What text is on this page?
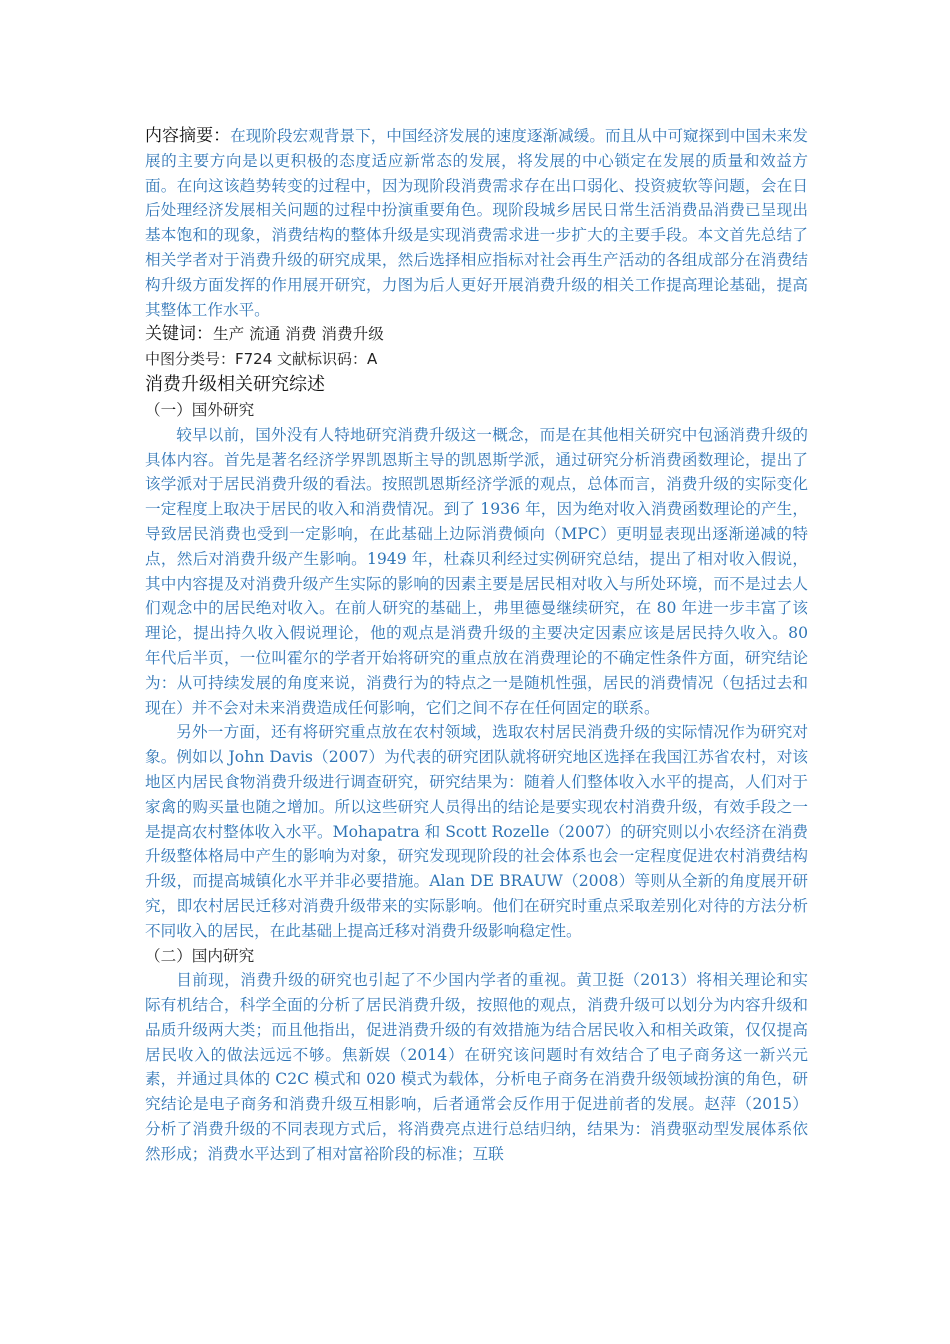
内容摘要：在现阶段宏观背景下，中国经济发展的速度逐渐减缓。而且从中可窥探到中国未来发展的主要方向是以更积极的态度适应新常态的发展，将发展的中心锁定在发展的质量和效益方面。在向这该趋势转变的过程中，因为现阶段消费需求存在出口弱化、投资疲软等问题，会在日后处理经济发展相关问题的过程中扮演重要角色。现阶段城乡居民日常生活消费品消费已呈现出基本饱和的现象，消费结构的整体升级是实现消费需求进一步扩大的主要手段。本文首先总结了相关学者对于消费升级的研究成果，然后选择相应指标对社会再生产活动的各组成部分在消费结构升级方面发挥的作用展开研究，力图为后人更好开展消费升级的相关工作提高理论基础，提高其整体工作水平。

关键词：生产 流通 消费 消费升级

中图分类号：F724 文献标识码：A

消费升级相关研究综述

（一）国外研究

较早以前，国外没有人特地研究消费升级这一概念，而是在其他相关研究中包涵消费升级的具体内容。首先是著名经济学界凯恩斯主导的凯恩斯学派，通过研究分析消费函数理论，提出了该学派对于居民消费升级的看法。按照凯恩斯经济学派的观点，总体而言，消费升级的实际变化一定程度上取决于居民的收入和消费情况。到了 1936 年，因为绝对收入消费函数理论的产生，导致居民消费也受到一定影响，在此基础上边际消费倾向（MPC）更明显表现出逐渐递减的特点，然后对消费升级产生影响。1949 年，杜森贝利经过实例研究总结，提出了相对收入假说，其中内容提及对消费升级产生实际的影响的因素主要是居民相对收入与所处环境，而不是过去人们观念中的居民绝对收入。在前人研究的基础上，弗里德曼继续研究，在 80 年进一步丰富了该理论，提出持久收入假说理论，他的观点是消费升级的主要决定因素应该是居民持久收入。80 年代后半页，一位叫霍尔的学者开始将研究的重点放在消费理论的不确定性条件方面，研究结论为：从可持续发展的角度来说，消费行为的特点之一是随机性强，居民的消费情况（包括过去和现在）并不会对未来消费造成任何影响，它们之间不存在任何固定的联系。

另外一方面，还有将研究重点放在农村领域，选取农村居民消费升级的实际情况作为研究对象。例如以 John Davis（2007）为代表的研究团队就将研究地区选择在我国江苏省农村，对该地区内居民食物消费升级进行调查研究，研究结果为：随着人们整体收入水平的提高，人们对于家禽的购买量也随之增加。所以这些研究人员得出的结论是要实现农村消费升级，有效手段之一是提高农村整体收入水平。Mohapatra 和 Scott Rozelle（2007）的研究则以小农经济在消费升级整体格局中产生的影响为对象，研究发现现阶段的社会体系也会一定程度促进农村消费结构升级，而提高城镇化水平并非必要措施。Alan DE BRAUW（2008）等则从全新的角度展开研究，即农村居民迁移对消费升级带来的实际影响。他们在研究时重点采取差别化对待的方法分析不同收入的居民，在此基础上提高迁移对消费升级影响稳定性。

（二）国内研究

目前现，消费升级的研究也引起了不少国内学者的重视。黄卫挺（2013）将相关理论和实际有机结合，科学全面的分析了居民消费升级，按照他的观点，消费升级可以划分为内容升级和品质升级两大类；而且他指出，促进消费升级的有效措施为结合居民收入和相关政策，仅仅提高居民收入的做法远远不够。焦新娱（2014）在研究该问题时有效结合了电子商务这一新兴元素，并通过具体的 C2C 模式和 020 模式为载体，分析电子商务在消费升级领域扮演的角色，研究结论是电子商务和消费升级互相影响，后者通常会反作用于促进前者的发展。赵萍（2015）分析了消费升级的不同表现方式后，将消费亮点进行总结归纳，结果为：消费驱动型发展体系依然形成；消费水平达到了相对富裕阶段的标准；互联
